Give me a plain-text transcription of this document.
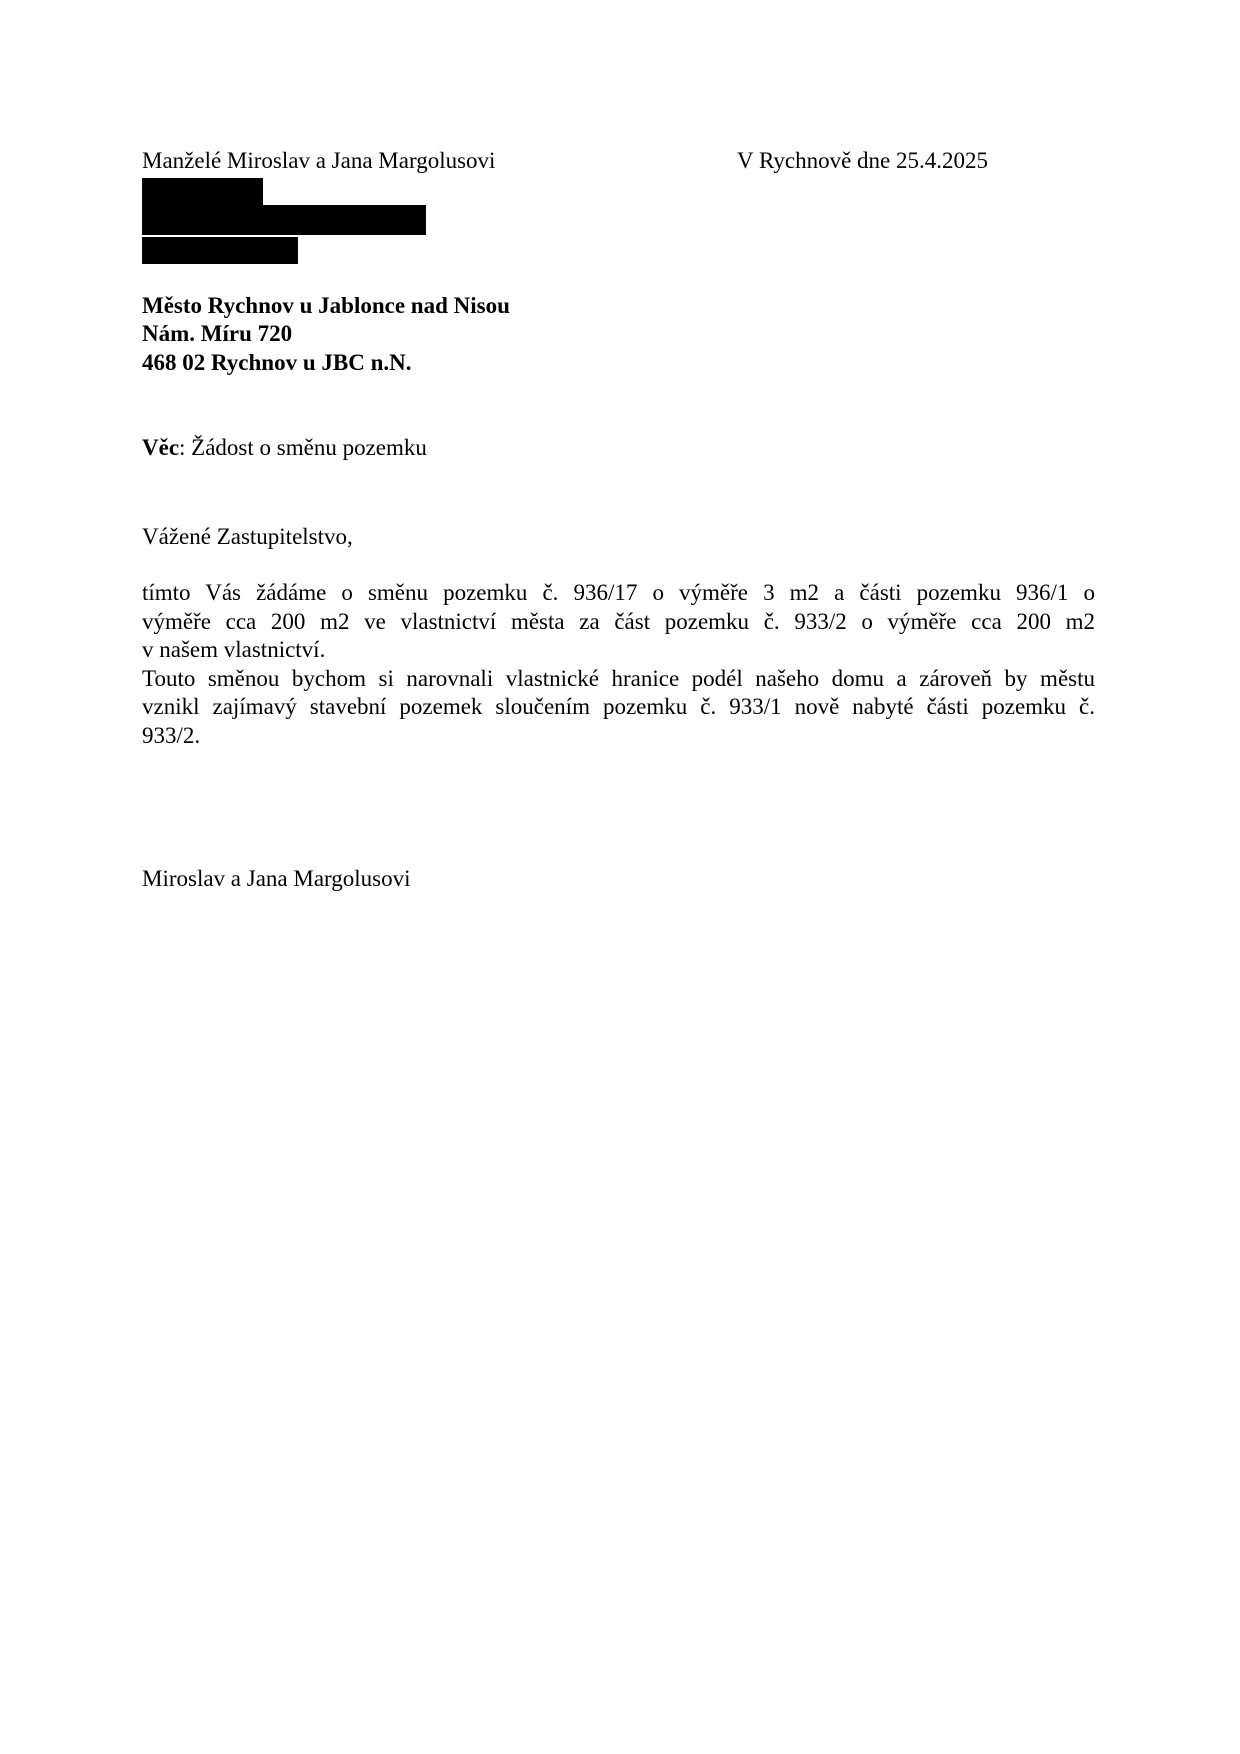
Manželé Miroslav a Jana Margolusovi	V Rychnově dne 25.4.2025
Město Rychnov u Jablonce nad Nisou
Nám. Míru 720
468 02 Rychnov u JBC n.N.
Věc: Žádost o směnu pozemku
Vážené Zastupitelstvo,
tímto Vás žádáme o směnu pozemku č. 936/17 o výměře 3 m2 a části pozemku 936/1 o
výměře cca 200 m2 ve vlastnictví města za část pozemku č. 933/2 o výměře cca 200 m2
v našem vlastnictví.
Touto směnou bychom si narovnali vlastnické hranice podél našeho domu a zároveň by městu
vznikl zajímavý stavební pozemek sloučením pozemku č. 933/1 nově nabyté části pozemku č.
933/2.
Miroslav a Jana Margolusovi
